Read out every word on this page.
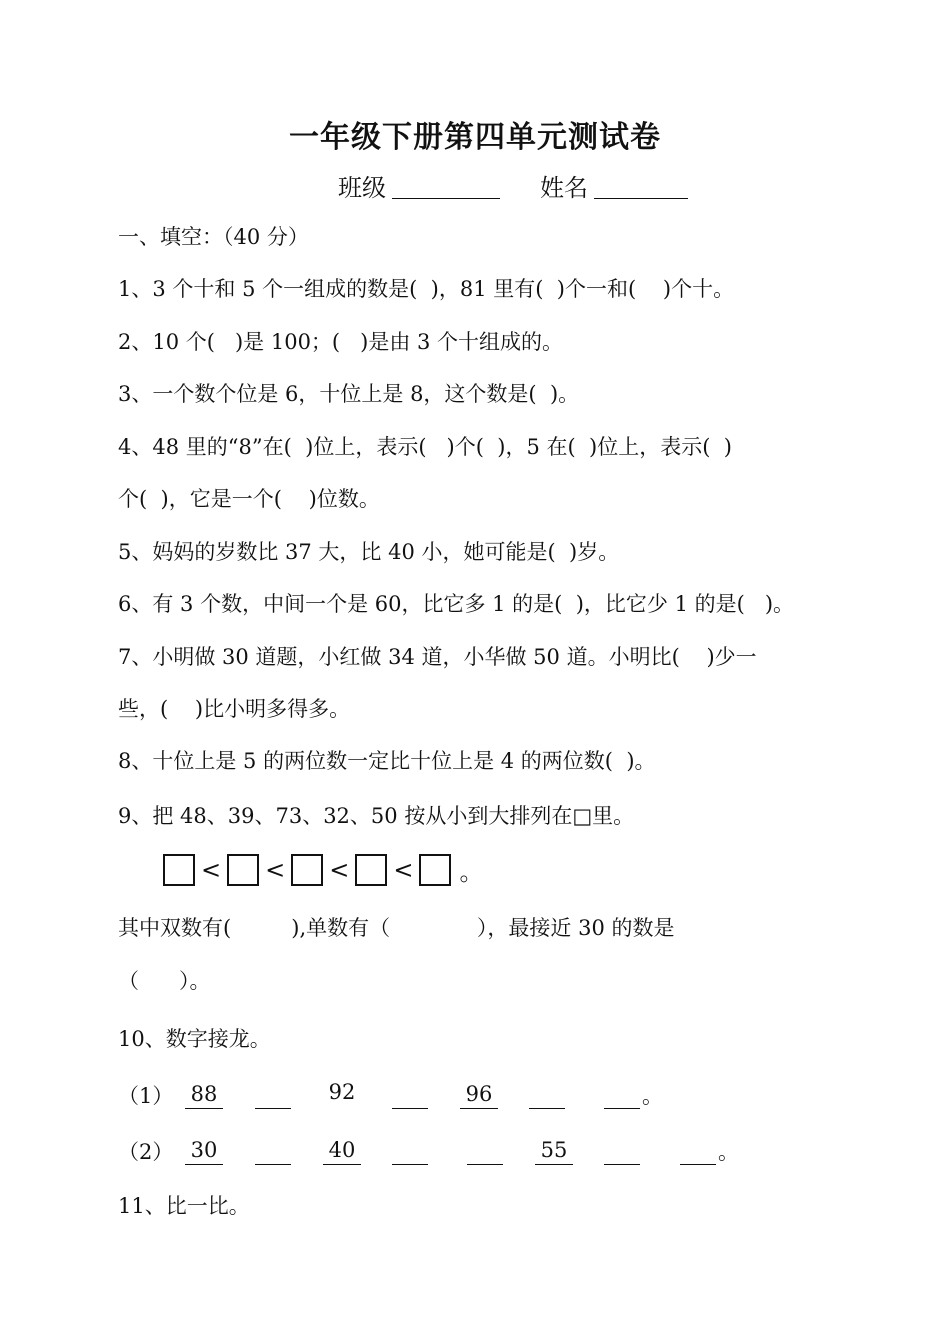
一年级下册第四单元测试卷
班级	姓名
一、填空：（40 分）
1、3 个十和 5 个一组成的数是(  )，81 里有(  )个一和(    )个十。
2、10 个(   )是 100；(   )是由 3 个十组成的。
3、一个数个位是 6，十位上是 8，这个数是(  )。
4、48 里的“8”在(  )位上，表示(   )个(  )，5 在(  )位上，表示(  )
个(  )，它是一个(    )位数。
5、妈妈的岁数比 37 大，比 40 小，她可能是(  )岁。
6、有 3 个数，中间一个是 60，比它多 1 的是(  )，比它少 1 的是(   )。
7、小明做 30 道题，小红做 34 道，小华做 50 道。小明比(    )少一
些，(    )比小明多得多。
8、十位上是 5 的两位数一定比十位上是 4 的两位数(  )。
9、把 48、39、73、32、50 按从小到大排列在□里。
< < < < 。
其中双数有(         ),单数有（             ），最接近 30 的数是
（      ）。
10、数字接龙。
（1） 88	92	96	。
（2） 30	40	55	。
11、比一比。
